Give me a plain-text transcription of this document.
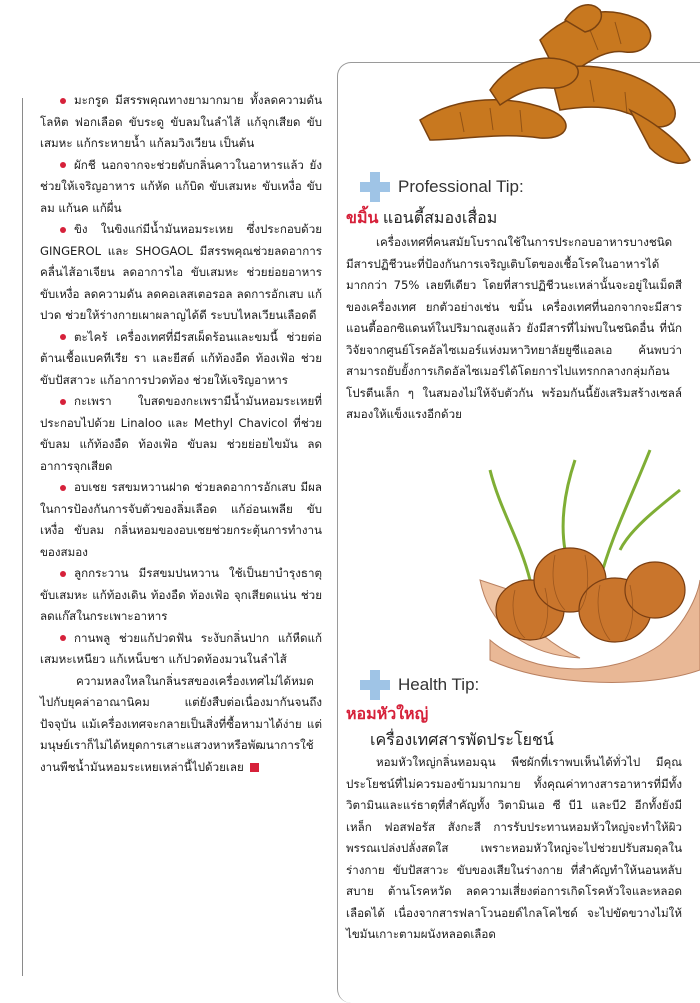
มะกรูด มีสรรพคุณทางยามากมาย ทั้งลดความดันโลหิต ฟอกเลือด ขับระดู ขับลมในลำไส้ แก้จุกเสียด ขับเสมหะ แก้กระหายน้ำ แก้ลมวิงเวียน เป็นต้น

ผักชี นอกจากจะช่วยดับกลิ่นคาวในอาหารแล้ว ยังช่วยให้เจริญอาหาร แก้หัด แก้บิด ขับเสมหะ ขับเหงื่อ ขับลม แก้นค แก้ผื่น

ขิง ในขิงแก่มีน้ำมันหอมระเหย ซึ่งประกอบด้วย GINGEROL และ SHOGAOL มีสรรพคุณช่วยลดอาการคลื่นไส้อาเจียน ลดอาการไอ ขับเสมหะ ช่วยย่อยอาหาร ขับเหงื่อ ลดความดัน ลดคอเลสเตอรอล ลดการอักเสบ แก้ปวด ช่วยให้ร่างกายเผาผลาญได้ดี ระบบไหลเวียนเลือดดี

ตะไคร้ เครื่องเทศที่มีรสเผ็ดร้อนและขมนี้ ช่วยต่อต้านเชื้อแบคทีเรีย รา และยีสต์ แก้ท้องอืด ท้องเฟ้อ ช่วยขับปัสสาวะ แก้อาการปวดท้อง ช่วยให้เจริญอาหาร

กะเพรา ใบสดของกะเพรามีน้ำมันหอมระเหยที่ประกอบไปด้วย Linaloo และ Methyl Chavicol ที่ช่วยขับลม แก้ท้องอืด ท้องเฟ้อ ขับลม ช่วยย่อยไขมัน ลดอาการจุกเสียด

อบเชย รสขมหวานฝาด ช่วยลดอาการอักเสบ มีผลในการป้องกันการจับตัวของลิ่มเลือด แก้อ่อนเพลีย ขับเหงื่อ ขับลม กลิ่นหอมของอบเชยช่วยกระตุ้นการทำงานของสมอง

ลูกกระวาน มีรสขมปนหวาน ใช้เป็นยาบำรุงธาตุ ขับเสมหะ แก้ท้องเดิน ท้องอืด ท้องเฟ้อ จุกเสียดแน่น ช่วยลดแก๊สในกระเพาะอาหาร

กานพลู ช่วยแก้ปวดฟัน ระงับกลิ่นปาก แก้หืดแก้เสมหะเหนียว แก้เหน็บชา แก้ปวดท้องมวนในลำไส้

ความหลงใหลในกลิ่นรสของเครื่องเทศไม่ได้หมดไปกับยุคล่าอาณานิคม แต่ยังสืบต่อเนื่องมากันจนถึงปัจจุบัน แม้เครื่องเทศจะกลายเป็นสิ่งที่ซื้อหามาได้ง่าย แต่มนุษย์เราก็ไม่ได้หยุดการเสาะแสวงหาหรือพัฒนาการใช้งานพืชน้ำมันหอมระเหยเหล่านี้ไปด้วยเลย

Professional Tip:
ขมิ้น แอนตี้สมองเสื่อม

เครื่องเทศที่คนสมัยโบราณใช้ในการประกอบอาหารบางชนิด มีสารปฏิชีวนะที่ป้องกันการเจริญเติบโตของเชื้อโรคในอาหารได้มากกว่า 75% เลยทีเดียว โดยที่สารปฏิชีวนะเหล่านั้นจะอยู่ในเม็ดสีของเครื่องเทศ ยกตัวอย่างเช่น ขมิ้น เครื่องเทศที่นอกจากจะมีสารแอนตี้ออกซิแดนท์ในปริมาณสูงแล้ว ยังมีสารที่ไม่พบในชนิดอื่น ที่นักวิจัยจากศูนย์โรคอัลไซเมอร์แห่งมหาวิทยาลัยยูซีแอลเอ ค้นพบว่าสามารถยับยั้งการเกิดอัลไซเมอร์ได้โดยการไปแทรกกลางกลุ่มก้อนโปรตีนเล็ก ๆ ในสมองไม่ให้จับตัวกัน พร้อมกันนี้ยังเสริมสร้างเซลล์สมองให้แข็งแรงอีกด้วย

Health Tip:
หอมหัวใหญ่
เครื่องเทศสารพัดประโยชน์

หอมหัวใหญ่กลิ่นหอมฉุน พืชผักที่เราพบเห็นได้ทั่วไป มีคุณประโยชน์ที่ไม่ควรมองข้ามมากมาย ทั้งคุณค่าทางสารอาหารที่มีทั้งวิตามินและแร่ธาตุที่สำคัญทั้ง วิตามินเอ ซี บี1 และบี2 อีกทั้งยังมีเหล็ก ฟอสฟอรัส สังกะสี การรับประทานหอมหัวใหญ่จะทำให้ผิวพรรณเปล่งปลั่งสดใส เพราะหอมหัวใหญ่จะไปช่วยปรับสมดุลในร่างกาย ขับปัสสาวะ ขับของเสียในร่างกาย ที่สำคัญทำให้นอนหลับสบาย ต้านโรคหวัด ลดความเสี่ยงต่อการเกิดโรคหัวใจและหลอดเลือดได้ เนื่องจากสารฟลาโวนอยด์ไกลโคไซด์ จะไปขัดขวางไม่ให้ไขมันเกาะตามผนังหลอดเลือด
